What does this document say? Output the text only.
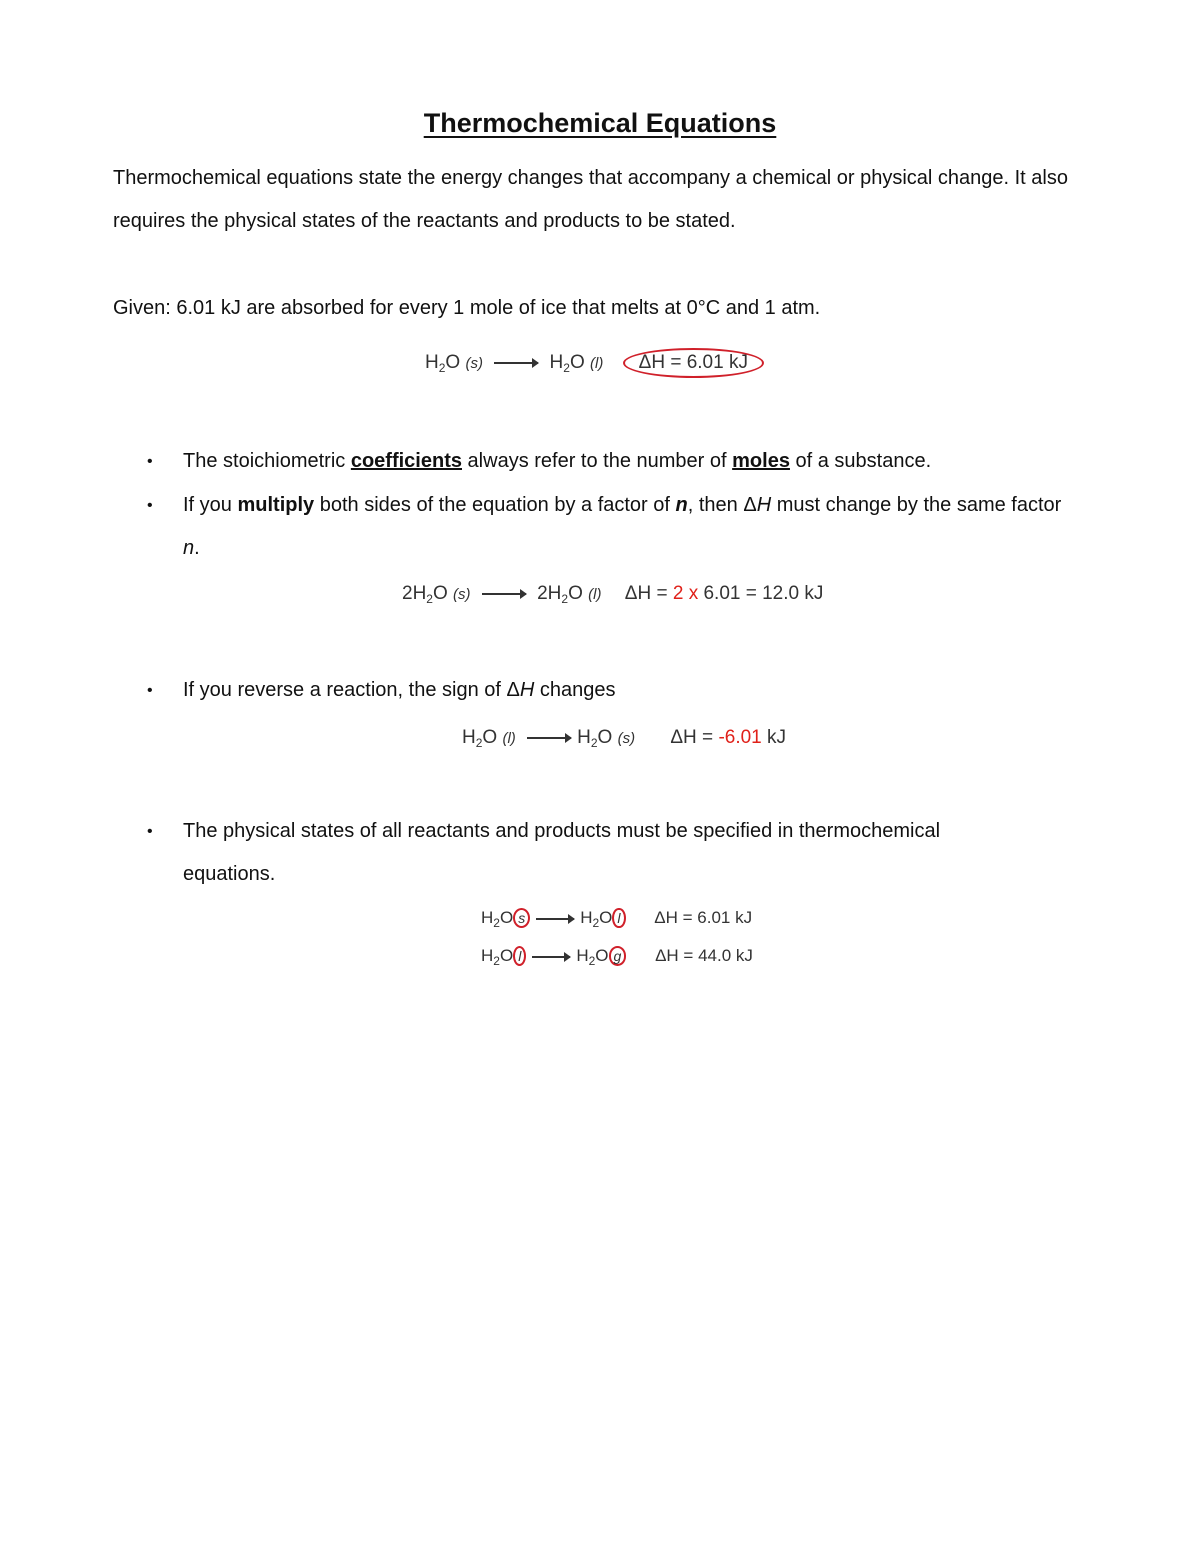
Thermochemical Equations
Thermochemical equations state the energy changes that accompany a chemical or physical change. It also requires the physical states of the reactants and products to be stated.
Given: 6.01 kJ are absorbed for every 1 mole of ice that melts at 0°C and 1 atm.
$H_2O$ (s)	$H_2O$ (l) ΔH = 6.01 kJ
• The stoichiometric coefficients always refer to the number of moles of a substance.
• If you multiply both sides of the equation by a factor of n, then ΔH must change by the same factor n.
$2H_2O$ (s)	$2H_2O$ (l) ΔH = 2 x 6.01 = 12.0 kJ
• If you reverse a reaction, the sign of ΔH changes
$H_2O$ (l)	$H_2O$ (s) ΔH = -6.01 kJ
• The physical states of all reactants and products must be specified in thermochemical equations.
$H_2O$ s	$H_2O$ l ΔH = 6.01 kJ
$H_2O$ l	$H_2O$ g ΔH = 44.0 kJ
